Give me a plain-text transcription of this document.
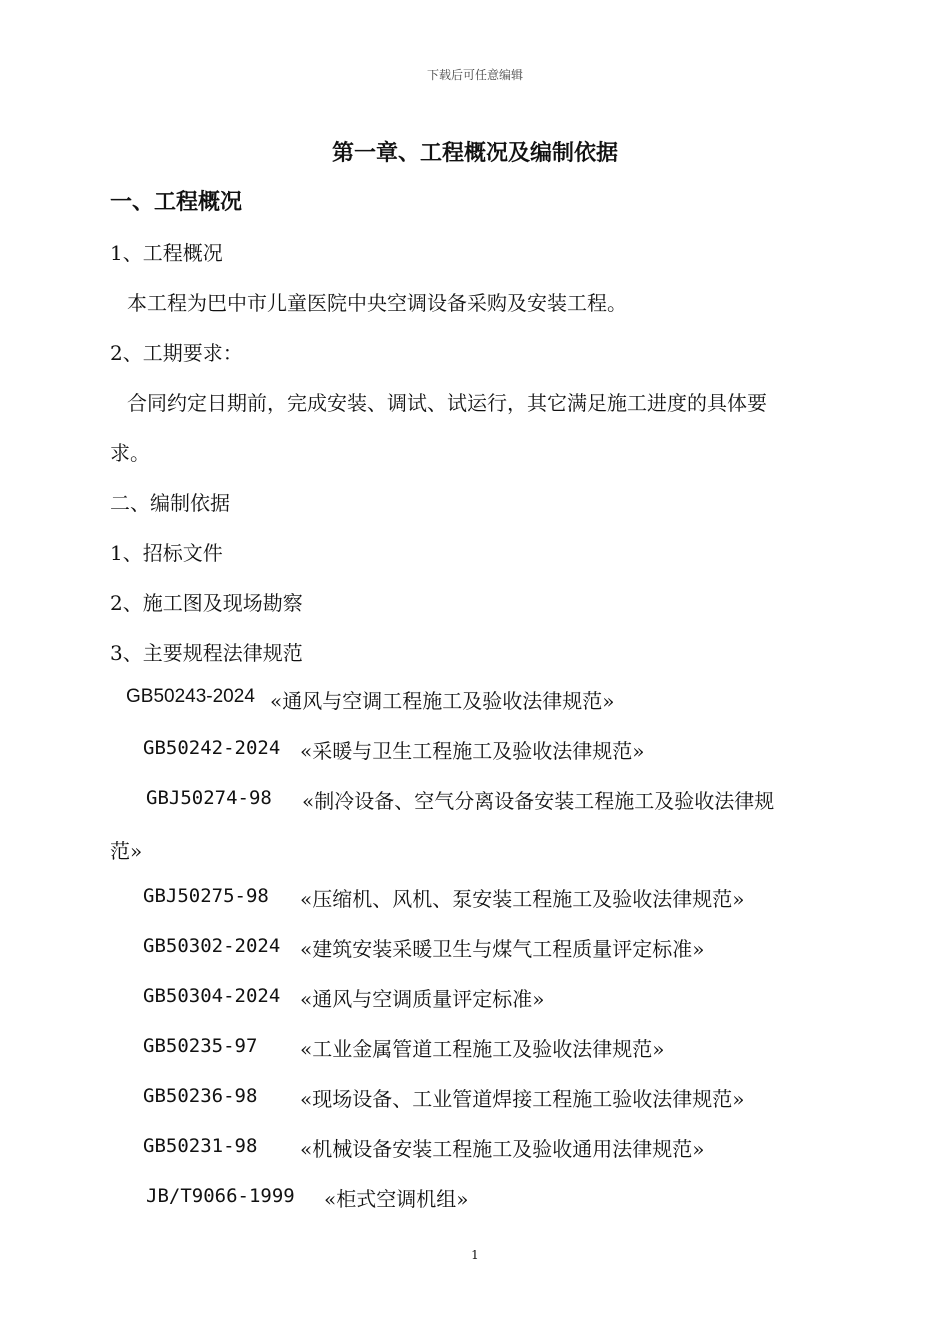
下载后可任意编辑
第一章、工程概况及编制依据
一、工程概况
1、工程概况
本工程为巴中市儿童医院中央空调设备采购及安装工程。
2、工期要求：
合同约定日期前，完成安装、调试、试运行，其它满足施工进度的具体要
求。
二、编制依据
1、招标文件
2、施工图及现场勘察
3、主要规程法律规范
GB50243-2024 «通风与空调工程施工及验收法律规范»
GB50242-2024 «采暖与卫生工程施工及验收法律规范»
GBJ50274-98 «制冷设备、空气分离设备安装工程施工及验收法律规
范»
GBJ50275-98 «压缩机、风机、泵安装工程施工及验收法律规范»
GB50302-2024 «建筑安装采暖卫生与煤气工程质量评定标准»
GB50304-2024 «通风与空调质量评定标准»
GB50235-97 «工业金属管道工程施工及验收法律规范»
GB50236-98 «现场设备、工业管道焊接工程施工验收法律规范»
GB50231-98 «机械设备安装工程施工及验收通用法律规范»
JB/T9066-1999 «柜式空调机组»
1
